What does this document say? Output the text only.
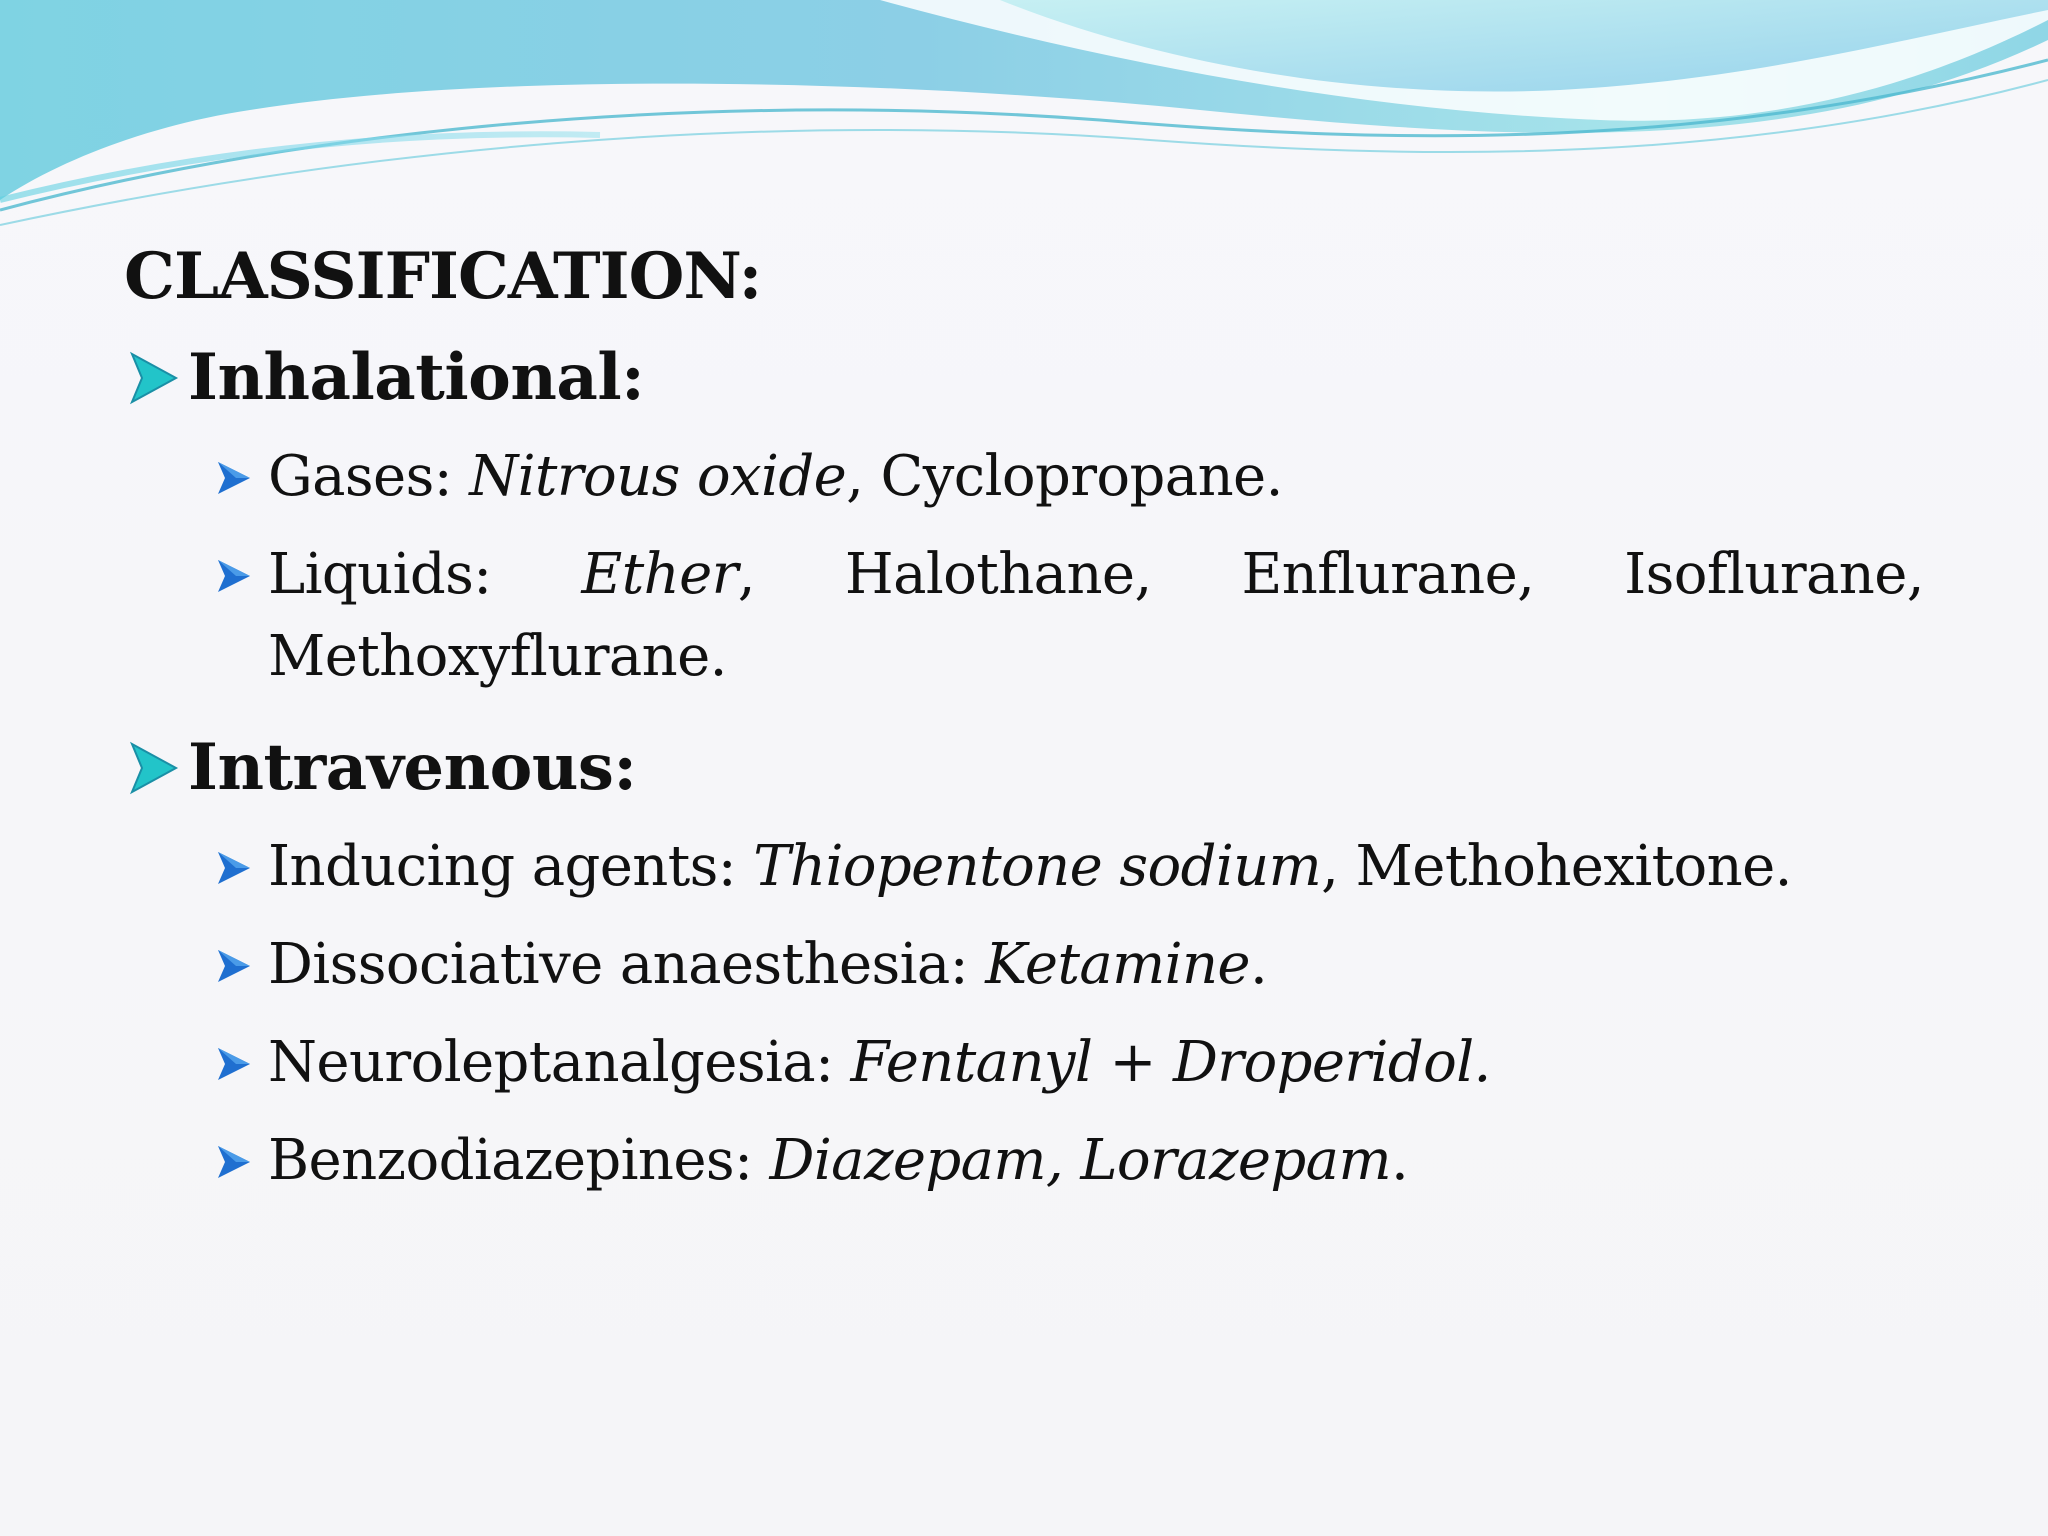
CLASSIFICATION:
Inhalational:
Gases: Nitrous oxide, Cyclopropane.
Liquids: Ether, Halothane, Enflurane, Isoflurane, Methoxyflurane.
Intravenous:
Inducing agents: Thiopentone sodium, Methohexitone.
Dissociative anaesthesia: Ketamine.
Neuroleptanalgesia: Fentanyl + Droperidol.
Benzodiazepines: Diazepam, Lorazepam.
